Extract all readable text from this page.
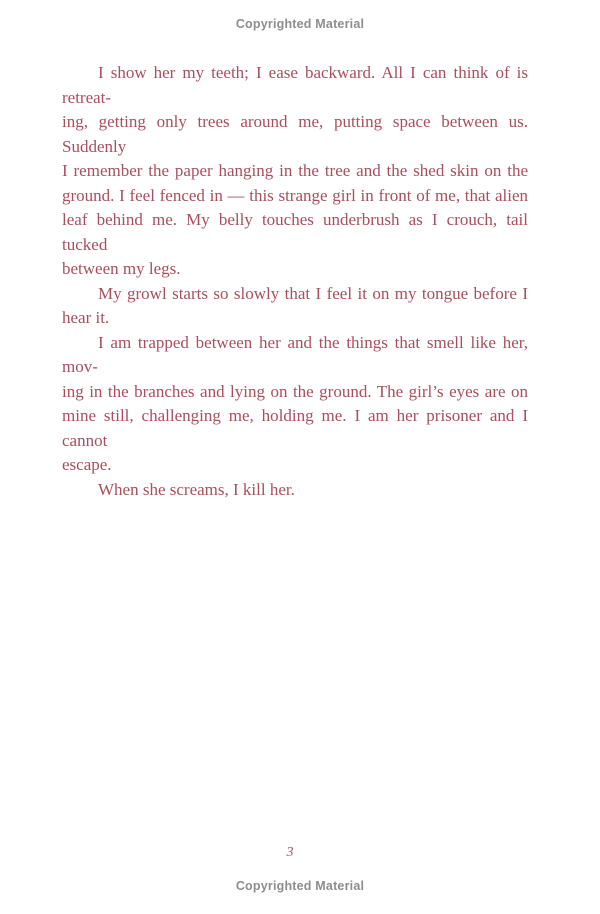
Copyrighted Material
I show her my teeth; I ease backward. All I can think of is retreat-
ing, getting only trees around me, putting space between us. Suddenly
I remember the paper hanging in the tree and the shed skin on the
ground. I feel fenced in — this strange girl in front of me, that alien
leaf behind me. My belly touches underbrush as I crouch, tail tucked
between my legs.
My growl starts so slowly that I feel it on my tongue before I
hear it.
I am trapped between her and the things that smell like her, mov-
ing in the branches and lying on the ground. The girl’s eyes are on
mine still, challenging me, holding me. I am her prisoner and I cannot
escape.
When she screams, I kill her.
3
Copyrighted Material
